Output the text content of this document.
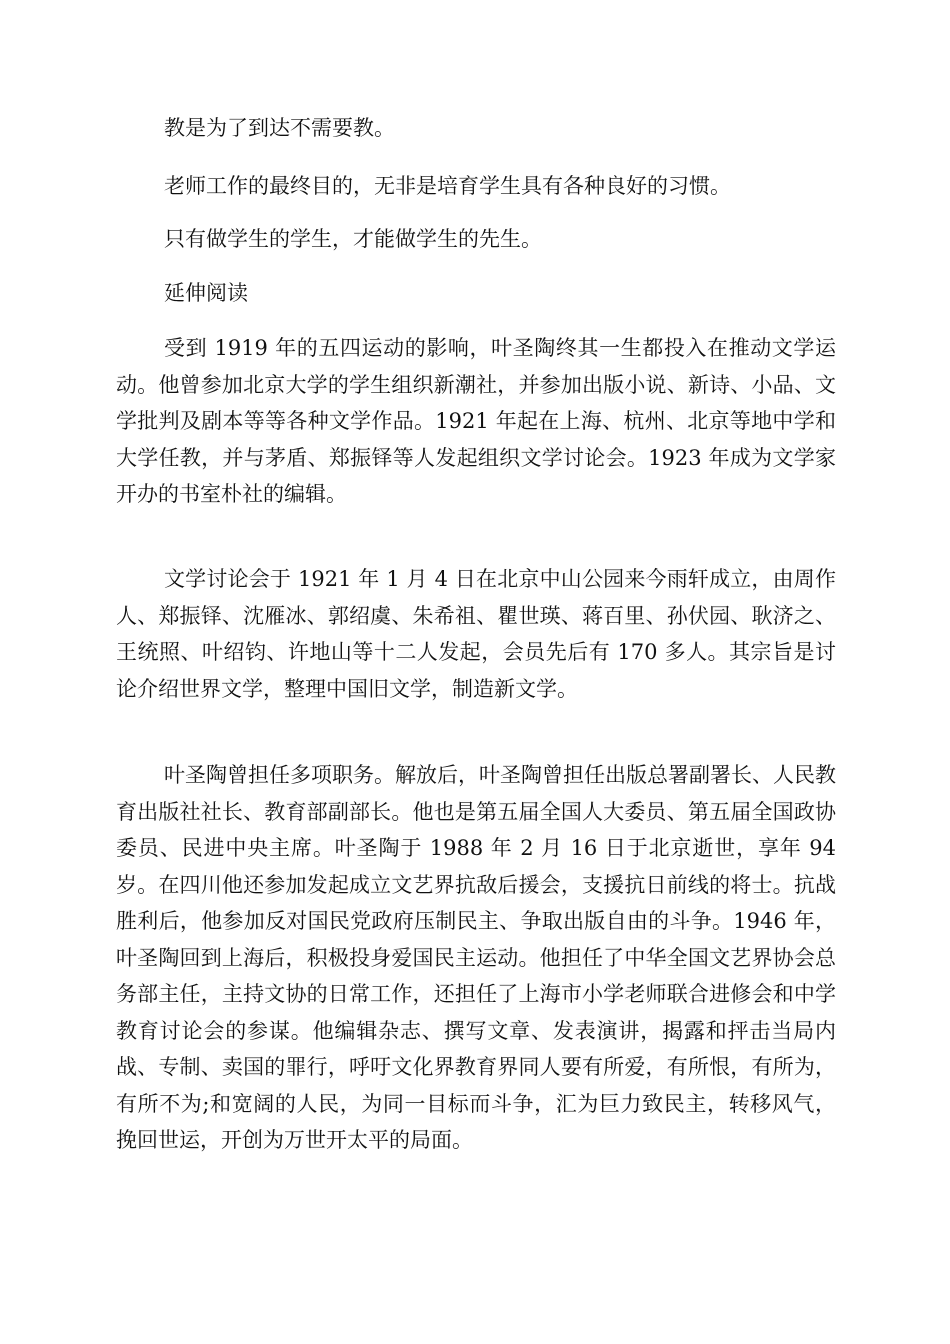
教是为了到达不需要教。

老师工作的最终目的，无非是培育学生具有各种良好的习惯。

只有做学生的学生，才能做学生的先生。

延伸阅读

受到 1919 年的五四运动的影响，叶圣陶终其一生都投入在推动文学运动。他曾参加北京大学的学生组织新潮社，并参加出版小说、新诗、小品、文学批判及剧本等等各种文学作品。1921 年起在上海、杭州、北京等地中学和大学任教，并与茅盾、郑振铎等人发起组织文学讨论会。1923 年成为文学家开办的书室朴社的编辑。

文学讨论会于 1921 年 1 月 4 日在北京中山公园来今雨轩成立，由周作人、郑振铎、沈雁冰、郭绍虞、朱希祖、瞿世瑛、蒋百里、孙伏园、耿济之、王统照、叶绍钧、许地山等十二人发起，会员先后有 170 多人。其宗旨是讨论介绍世界文学，整理中国旧文学，制造新文学。

叶圣陶曾担任多项职务。解放后，叶圣陶曾担任出版总署副署长、人民教育出版社社长、教育部副部长。他也是第五届全国人大委员、第五届全国政协委员、民进中央主席。叶圣陶于 1988 年 2 月 16 日于北京逝世，享年 94 岁。在四川他还参加发起成立文艺界抗敌后援会，支援抗日前线的将士。抗战胜利后，他参加反对国民党政府压制民主、争取出版自由的斗争。1946 年，叶圣陶回到上海后，积极投身爱国民主运动。他担任了中华全国文艺界协会总务部主任，主持文协的日常工作，还担任了上海市小学老师联合进修会和中学教育讨论会的参谋。他编辑杂志、撰写文章、发表演讲，揭露和抨击当局内战、专制、卖国的罪行，呼吁文化界教育界同人要有所爱，有所恨，有所为，有所不为;和宽阔的人民，为同一目标而斗争，汇为巨力致民主，转移风气，挽回世运，开创为万世开太平的局面。
